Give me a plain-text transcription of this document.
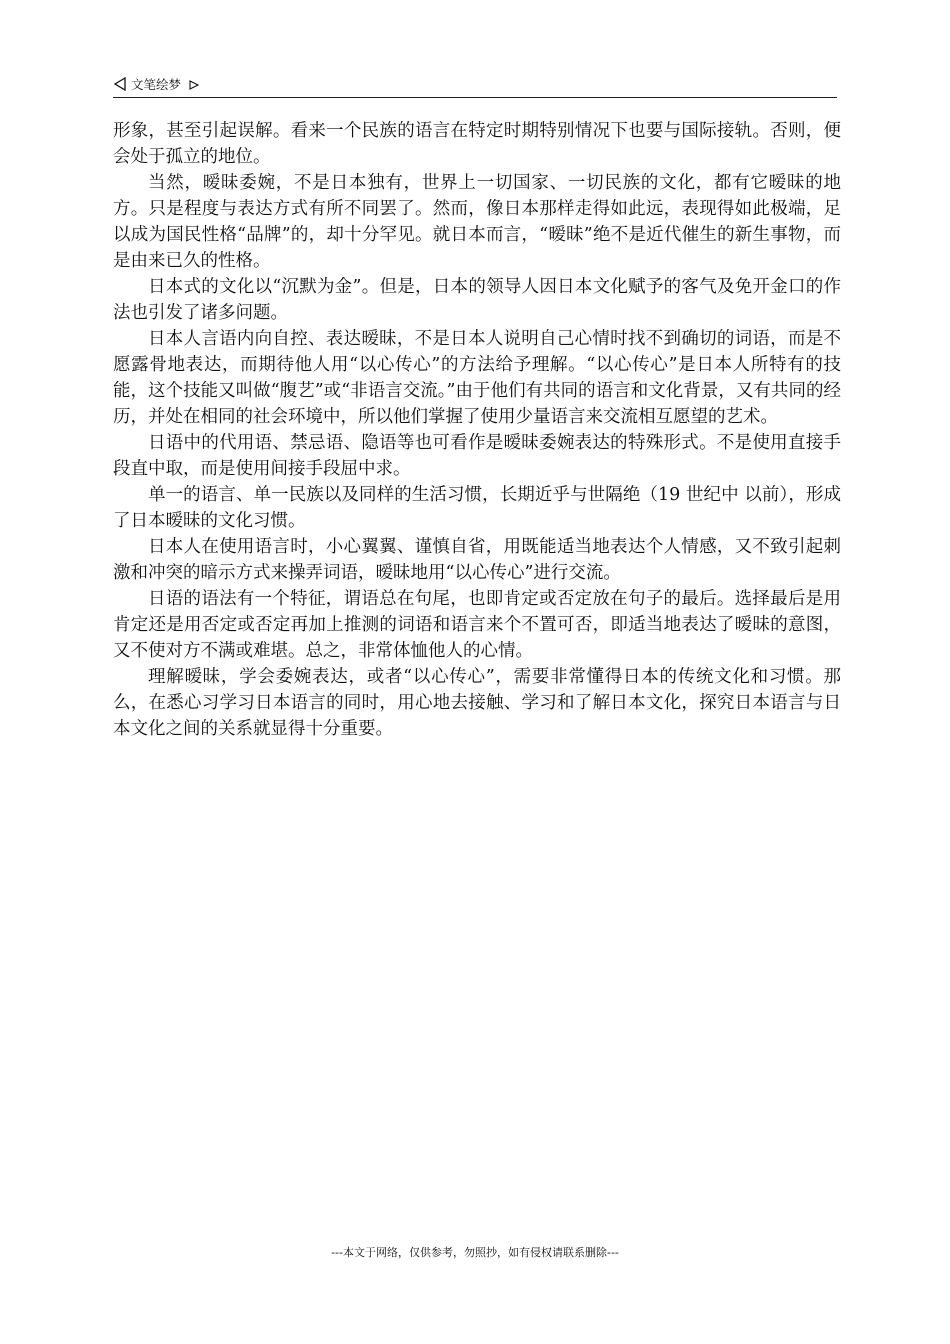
文笔绘梦

形象，甚至引起误解。看来一个民族的语言在特定时期特别情况下也要与国际接轨。否则，便会处于孤立的地位。

当然，暧昧委婉，不是日本独有，世界上一切国家、一切民族的文化，都有它暧昧的地方。只是程度与表达方式有所不同罢了。然而，像日本那样走得如此远，表现得如此极端，足以成为国民性格“品牌”的，却十分罕见。就日本而言，“暧昧”绝不是近代催生的新生事物，而是由来已久的性格。

日本式的文化以“沉默为金”。但是，日本的领导人因日本文化赋予的客气及免开金口的作法也引发了诸多问题。

日本人言语内向自控、表达暧昧，不是日本人说明自己心情时找不到确切的词语，而是不愿露骨地表达，而期待他人用“以心传心”的方法给予理解。“以心传心”是日本人所特有的技能，这个技能又叫做“腹艺”或“非语言交流。”由于他们有共同的语言和文化背景，又有共同的经历，并处在相同的社会环境中，所以他们掌握了使用少量语言来交流相互愿望的艺术。

日语中的代用语、禁忌语、隐语等也可看作是暧昧委婉表达的特殊形式。不是使用直接手段直中取，而是使用间接手段屈中求。

单一的语言、单一民族以及同样的生活习惯，长期近乎与世隔绝（19 世纪中 以前），形成了日本暧昧的文化习惯。

日本人在使用语言时，小心翼翼、谨慎自省，用既能适当地表达个人情感，又不致引起刺激和冲突的暗示方式来操弄词语，暧昧地用“以心传心”进行交流。

日语的语法有一个特征，谓语总在句尾，也即肯定或否定放在句子的最后。选择最后是用肯定还是用否定或否定再加上推测的词语和语言来个不置可否，即适当地表达了暧昧的意图，又不使对方不满或难堪。总之，非常体恤他人的心情。

理解暧昧，学会委婉表达，或者“以心传心”，需要非常懂得日本的传统文化和习惯。那么，在悉心习学习日本语言的同时，用心地去接触、学习和了解日本文化，探究日本语言与日本文化之间的关系就显得十分重要。

---本文于网络，仅供参考，勿照抄，如有侵权请联系删除---
